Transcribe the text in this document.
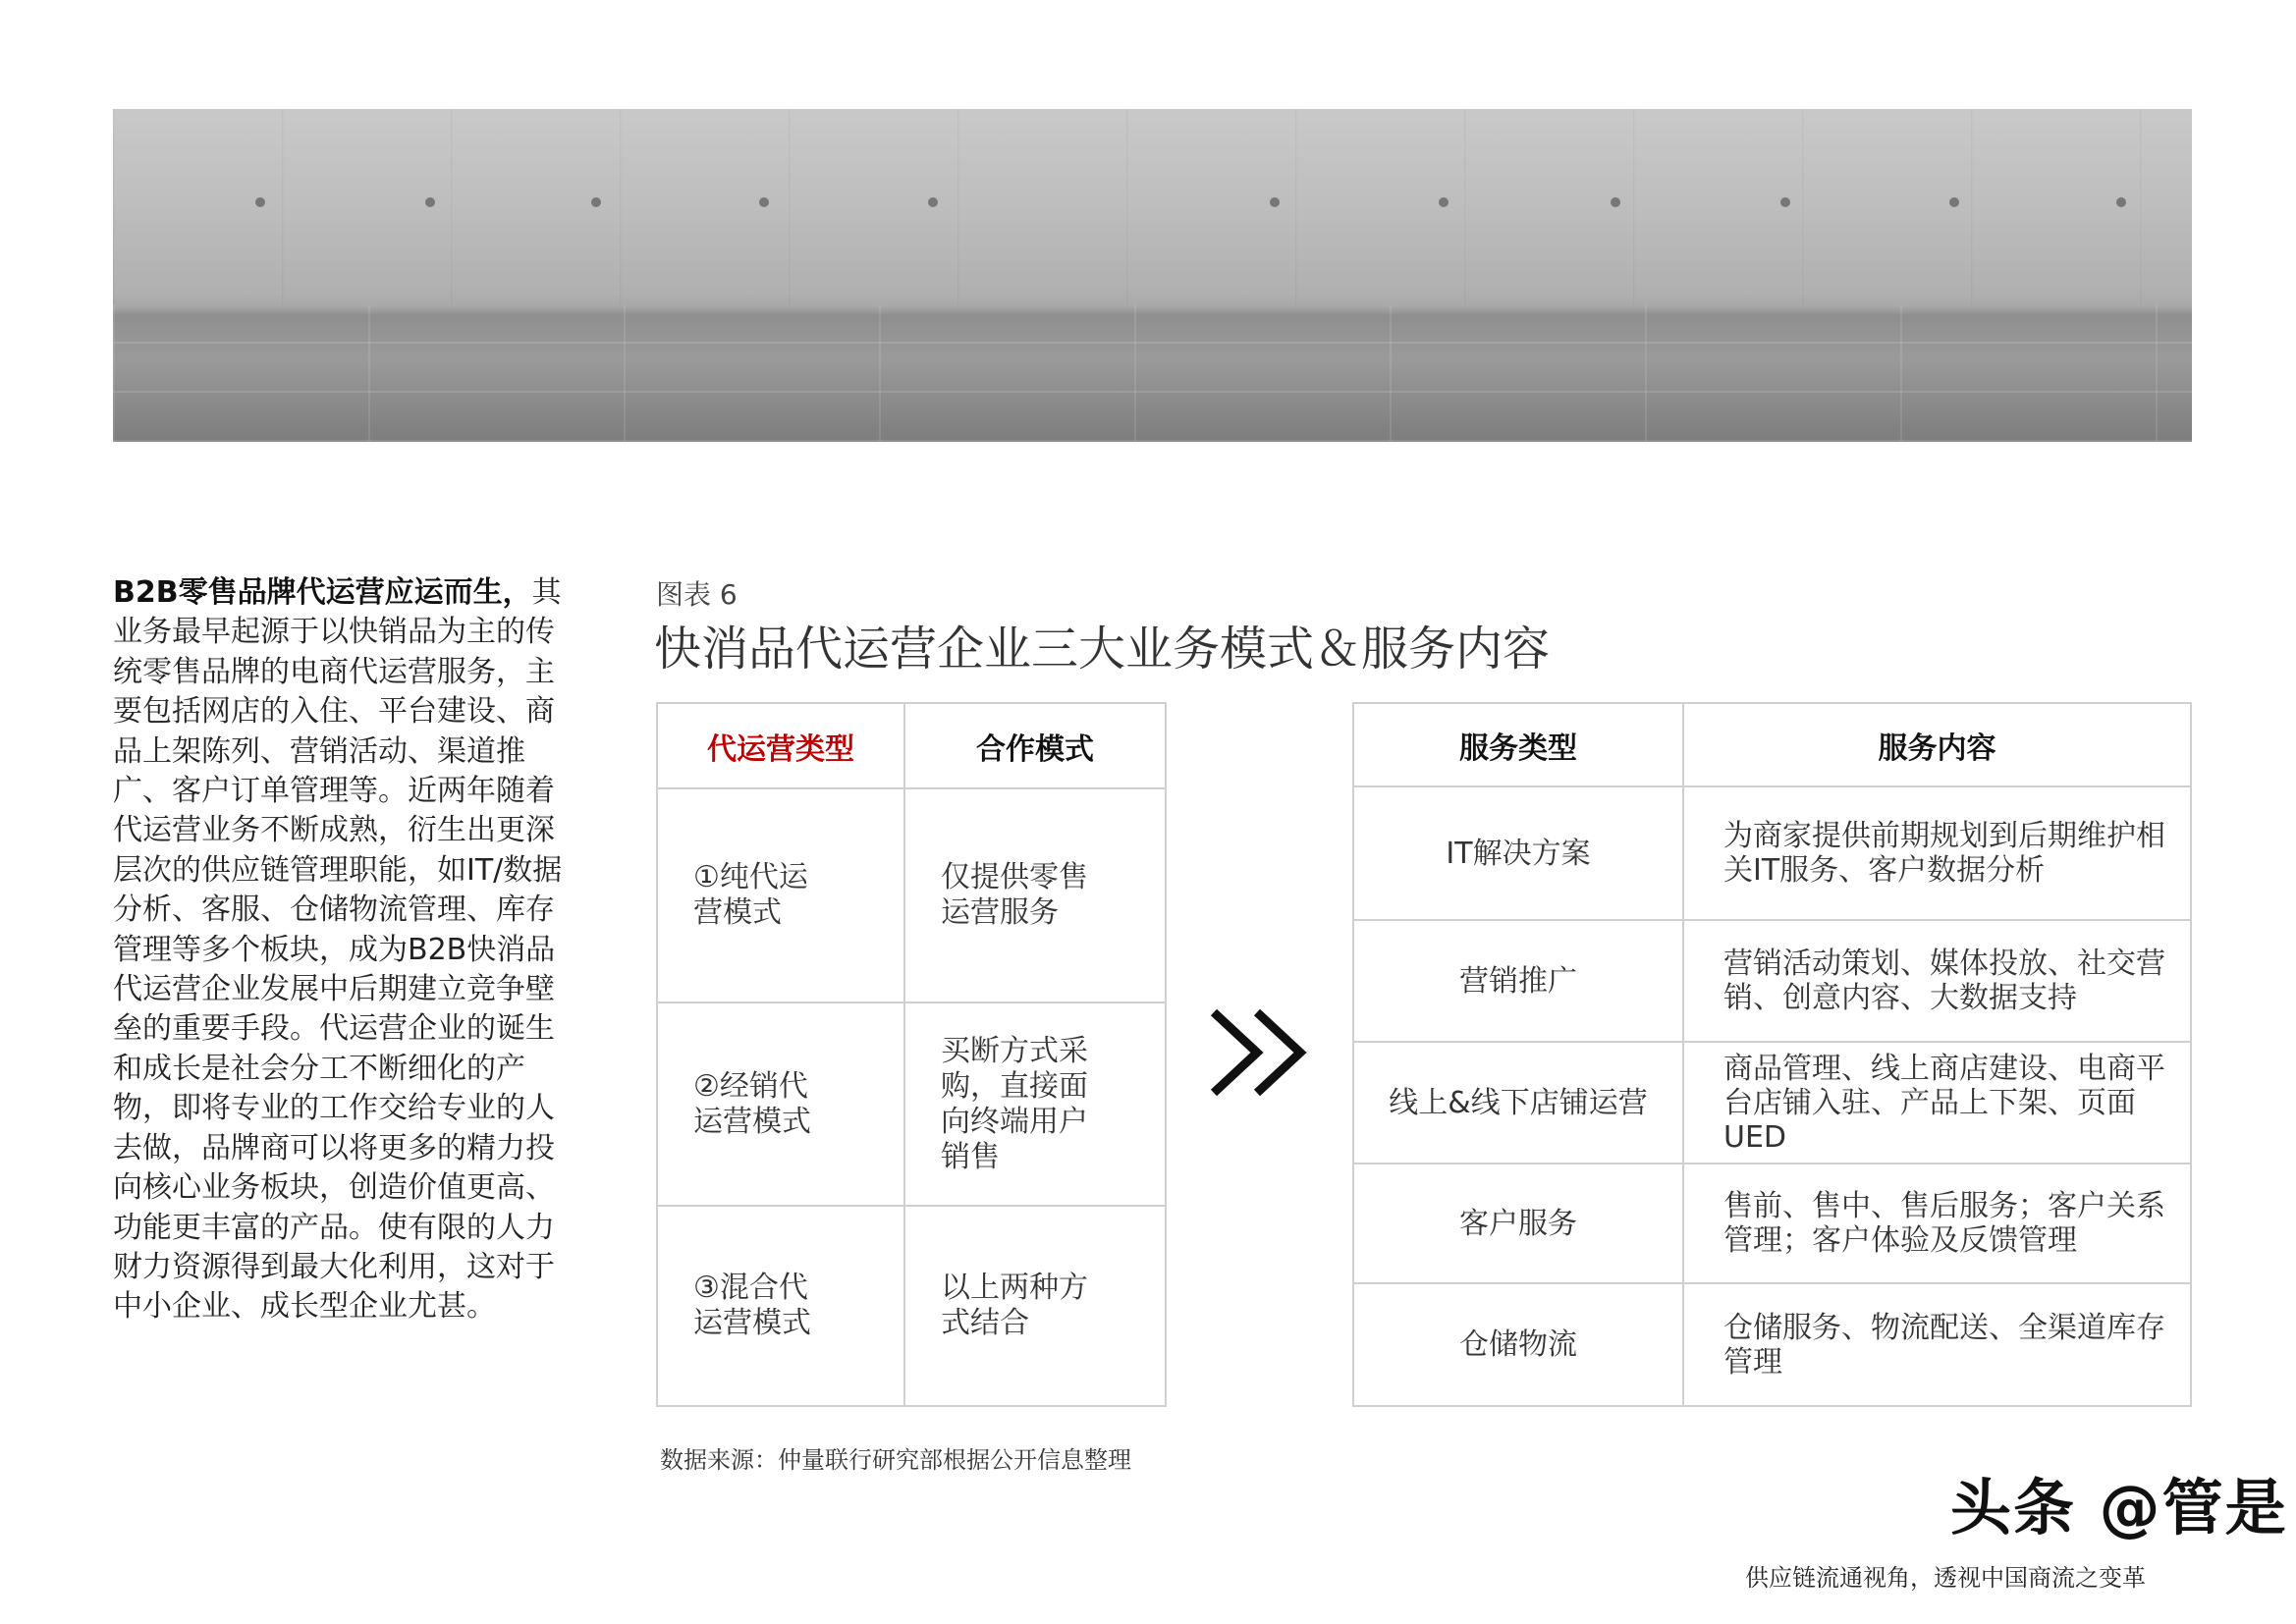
B2B零售品牌代运营应运而生，其业务最早起源于以快销品为主的传统零售品牌的电商代运营服务，主要包括网店的入住、平台建设、商品上架陈列、营销活动、渠道推广、客户订单管理等。近两年随着代运营业务不断成熟，衍生出更深层次的供应链管理职能，如IT/数据分析、客服、仓储物流管理、库存管理等多个板块，成为B2B快消品代运营企业发展中后期建立竞争壁垒的重要手段。代运营企业的诞生和成长是社会分工不断细化的产物，即将专业的工作交给专业的人去做，品牌商可以将更多的精力投向核心业务板块，创造价值更高、功能更丰富的产品。使有限的人力财力资源得到最大化利用，这对于中小企业、成长型企业尤甚。
图表 6
快消品代运营企业三大业务模式＆服务内容
代运营类型	合作模式

①纯代运营模式	仅提供零售运营服务

②经销代运营模式	买断方式采购，直接面向终端用户销售

③混合代运营模式	以上两种方式结合
服务类型	服务内容
IT解决方案	为商家提供前期规划到后期维护相关IT服务、客户数据分析
营销推广	营销活动策划、媒体投放、社交营销、创意内容、大数据支持
线上&线下店铺运营	商品管理、线上商店建设、电商平台店铺入驻、产品上下架、页面UED
客户服务	售前、售中、售后服务；客户关系管理；客户体验及反馈管理
仓储物流	仓储服务、物流配送、全渠道库存管理
数据来源：仲量联行研究部根据公开信息整理
头条 @管是
供应链流通视角，透视中国商流之变革
